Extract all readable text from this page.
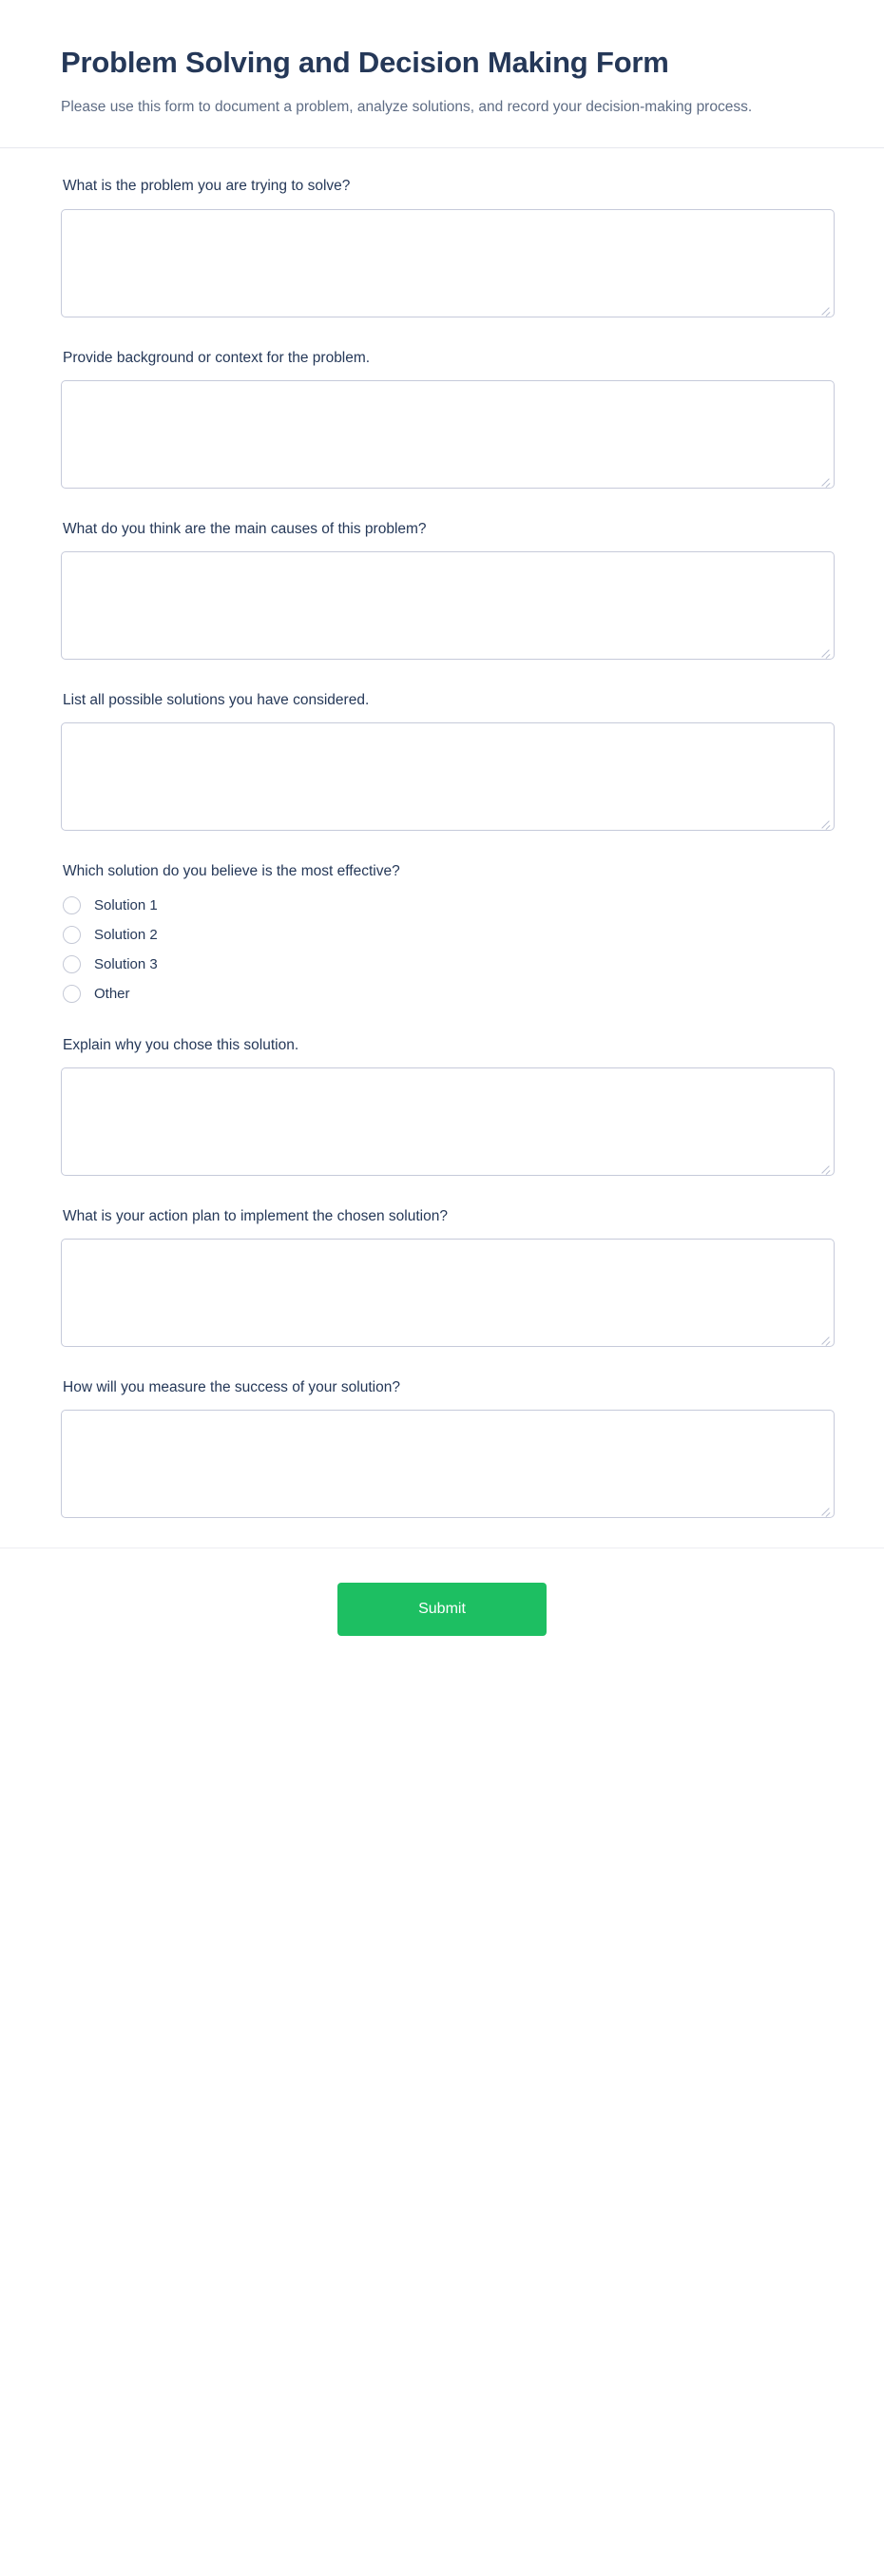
Problem Solving and Decision Making Form

Please use this form to document a problem, analyze solutions, and record your decision-making process.

What is the problem you are trying to solve?
Provide background or context for the problem.
What do you think are the main causes of this problem?
List all possible solutions you have considered.
Which solution do you believe is the most effective?
Solution 1
Solution 2
Solution 3
Other
Explain why you chose this solution.
What is your action plan to implement the chosen solution?
How will you measure the success of your solution?
Submit
